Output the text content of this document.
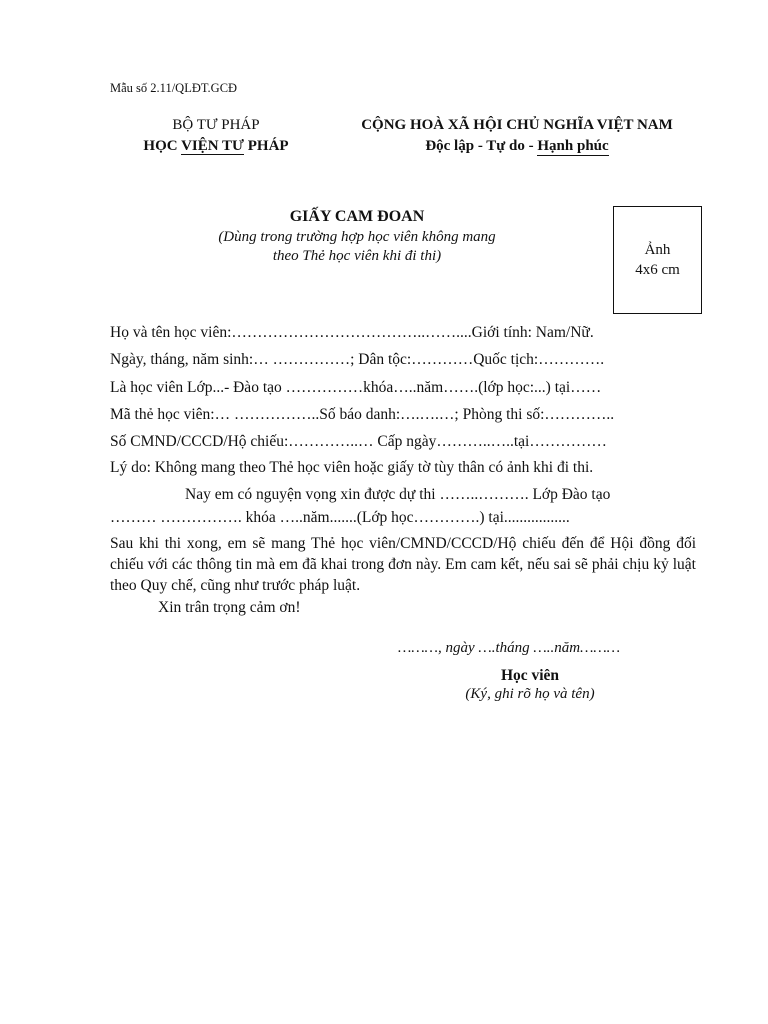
Mẫu số 2.11/QLĐT.GCĐ
BỘ TƯ PHÁP
HỌC VIỆN TƯ PHÁP
CỘNG HOÀ XÃ HỘI CHỦ NGHĨA VIỆT NAM
Độc lập - Tự do - Hạnh phúc
GIẤY CAM ĐOAN
(Dùng trong trường hợp học viên không mang
theo Thẻ học viên khi đi thi)	Ảnh
4x6 cm
Họ và tên học viên:………………………………..……....Giới tính: Nam/Nữ.
Ngày, tháng, năm sinh:… ……………; Dân tộc:…………Quốc tịch:………….
Là học viên Lớp...- Đào tạo ……………khóa…..năm…….(lớp học:...) tại……
Mã thẻ học viên:… ……………..Số báo danh:….….…; Phòng thi số:…………..
Số CMND/CCCD/Hộ chiếu:…………..… Cấp ngày………..…..tại……………
Lý do: Không mang theo Thẻ học viên hoặc giấy tờ tùy thân có ảnh khi đi thi.
Nay em có nguyện vọng xin được dự thi ……..………. Lớp Đào tạo
……… ……………. khóa …..năm.......(Lớp học………….) tại.................
Sau khi thi xong, em sẽ mang Thẻ học viên/CMND/CCCD/Hộ chiếu đến để Hội đồng đối chiếu với các thông tin mà em đã khai trong đơn này. Em cam kết, nếu sai sẽ phải chịu kỷ luật theo Quy chế, cũng như trước pháp luật.
Xin trân trọng cảm ơn!
………, ngày ….tháng …..năm………
Học viên
(Ký, ghi rõ họ và tên)
